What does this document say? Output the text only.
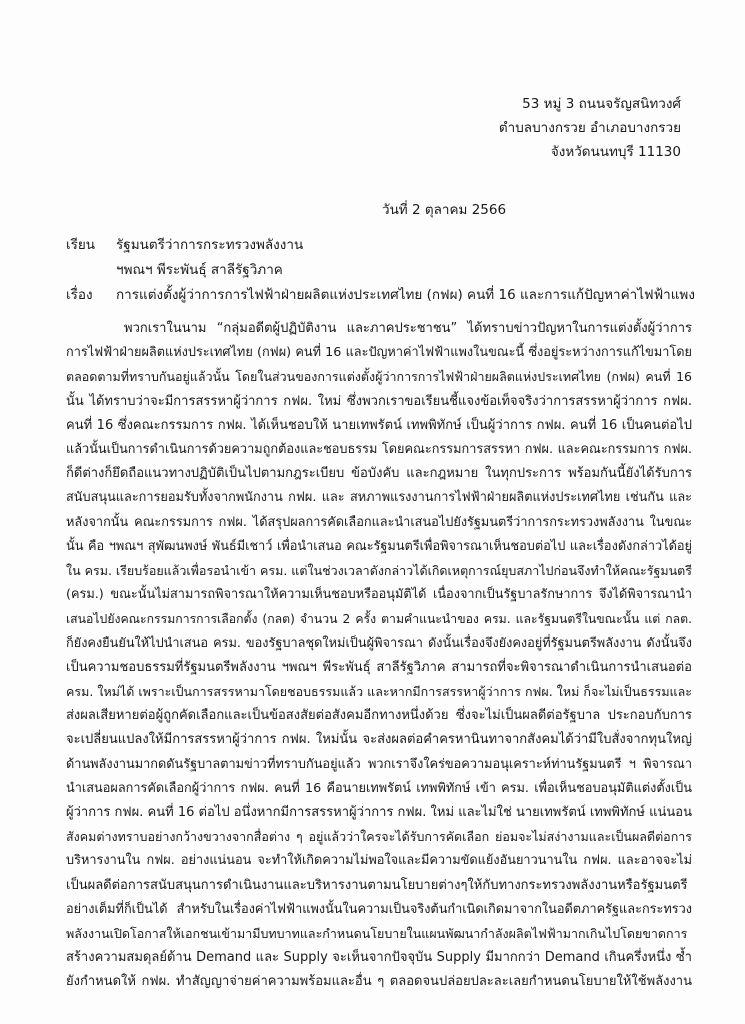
53 หมู่ 3 ถนนจรัญสนิทวงศ์
ตำบลบางกรวย อำเภอบางกรวย
จังหวัดนนทบุรี 11130
วันที่ 2 ตุลาคม 2566
เรียน	รัฐมนตรีว่าการกระทรวงพลังงาน
ฯพณฯ พีระพันธุ์ สาลีรัฐวิภาค
เรื่อง	การแต่งตั้งผู้ว่าการการไฟฟ้าฝ่ายผลิตแห่งประเทศไทย (กฟผ) คนที่ 16 และการแก้ปัญหาค่าไฟฟ้าแพง
พวกเราในนาม “กลุ่มอดีตผู้ปฏิบัติงาน และภาคประชาชน” ได้ทราบข่าวปัญหาในการแต่งตั้งผู้ว่าการ
การไฟฟ้าฝ่ายผลิตแห่งประเทศไทย (กฟผ) คนที่ 16 และปัญหาค่าไฟฟ้าแพงในขณะนี้ ซึ่งอยู่ระหว่างการแก้ไขมาโดย
ตลอดตามที่ทราบกันอยู่แล้วนั้น โดยในส่วนของการแต่งตั้งผู้ว่าการการไฟฟ้าฝ่ายผลิตแห่งประเทศไทย (กฟผ) คนที่ 16
นั้น ได้ทราบว่าจะมีการสรรหาผู้ว่าการ กฟผ. ใหม่ ซึ่งพวกเราขอเรียนชี้แจงข้อเท็จจริงว่าการสรรหาผู้ว่าการ กฟผ.
คนที่ 16 ซึ่งคณะกรรมการ กฟผ. ได้เห็นชอบให้ นายเทพรัตน์ เทพพิทักษ์ เป็นผู้ว่าการ กฟผ. คนที่ 16 เป็นคนต่อไป
แล้วนั้นเป็นการดำเนินการด้วยความถูกต้องและชอบธรรม โดยคณะกรรมการสรรหา กฟผ. และคณะกรรมการ กฟผ.
ก็ดีต่างก็ยึดถือแนวทางปฏิบัติเป็นไปตามกฎระเบียบ ข้อบังคับ และกฎหมาย ในทุกประการ พร้อมกันนี้ยังได้รับการ
สนับสนุนและการยอมรับทั้งจากพนักงาน กฟผ. และ สหภาพแรงงานการไฟฟ้าฝ่ายผลิตแห่งประเทศไทย เช่นกัน และ
หลังจากนั้น คณะกรรมการ กฟผ. ได้สรุปผลการคัดเลือกและนำเสนอไปยังรัฐมนตรีว่าการกระทรวงพลังงาน ในขณะ
นั้น คือ ฯพณฯ สุพัฒนพงษ์ พันธ์มีเชาว์ เพื่อนำเสนอ คณะรัฐมนตรีเพื่อพิจารณาเห็นชอบต่อไป และเรื่องดังกล่าวได้อยู่
ใน ครม. เรียบร้อยแล้วเพื่อรอนำเข้า ครม. แต่ในช่วงเวลาดังกล่าวได้เกิดเหตุการณ์ยุบสภาไปก่อนจึงทำให้คณะรัฐมนตรี
(ครม.) ขณะนั้นไม่สามารถพิจารณาให้ความเห็นชอบหรืออนุมัติได้ เนื่องจากเป็นรัฐบาลรักษาการ จึงได้พิจารณานำ
เสนอไปยังคณะกรรมการการเลือกตั้ง (กลต) จำนวน 2 ครั้ง ตามคำแนะนำของ ครม. และรัฐมนตรีในขณะนั้น แต่ กลต.
ก็ยังคงยืนยันให้ไปนำเสนอ ครม. ของรัฐบาลชุดใหม่เป็นผู้พิจารณา ดังนั้นเรื่องจึงยังคงอยู่ที่รัฐมนตรีพลังงาน ดังนั้นจึง
เป็นความชอบธรรมที่รัฐมนตรีพลังงาน ฯพณฯ พีระพันธุ์ สาลีรัฐวิภาค สามารถที่จะพิจารณาดำเนินการนำเสนอต่อ
ครม. ใหม่ได้ เพราะเป็นการสรรหามาโดยชอบธรรมแล้ว และหากมีการสรรหาผู้ว่าการ กฟผ. ใหม่ ก็จะไม่เป็นธรรมและ
ส่งผลเสียหายต่อผู้ถูกคัดเลือกและเป็นข้อสงสัยต่อสังคมอีกทางหนึ่งด้วย ซึ่งจะไม่เป็นผลดีต่อรัฐบาล ประกอบกับการ
จะเปลี่ยนแปลงให้มีการสรรหาผู้ว่าการ กฟผ. ใหม่นั้น จะส่งผลต่อคำครหานินทาจากสังคมได้ว่ามีใบสั่งจากทุนใหญ่
ด้านพลังงานมากดดันรัฐบาลตามข่าวที่ทราบกันอยู่แล้ว พวกเราจึงใคร่ขอความอนุเคราะห์ท่านรัฐมนตรี ฯ พิจารณา
นำเสนอผลการคัดเลือกผู้ว่าการ กฟผ. คนที่ 16 คือนายเทพรัตน์ เทพพิทักษ์ เข้า ครม. เพื่อเห็นชอบอนุมัติแต่งตั้งเป็น
ผู้ว่าการ กฟผ. คนที่ 16 ต่อไป อนึ่งหากมีการสรรหาผู้ว่าการ กฟผ. ใหม่ และไม่ใช่ นายเทพรัตน์ เทพพิทักษ์ แน่นอน
สังคมต่างทราบอย่างกว้างขวางจากสื่อต่าง ๆ อยู่แล้วว่าใครจะได้รับการคัดเลือก ย่อมจะไม่สง่างามและเป็นผลดีต่อการ
บริหารงานใน กฟผ. อย่างแน่นอน จะทำให้เกิดความไม่พอใจและมีความขัดแย้งอันยาวนานใน กฟผ. และอาจจะไม่
เป็นผลดีต่อการสนับสนุนการดำเนินงานและบริหารงานตามนโยบายต่างๆให้กับทางกระทรวงพลังงานหรือรัฐมนตรี
อย่างเต็มที่ก็เป็นได้ สำหรับในเรื่องค่าไฟฟ้าแพงนั้นในความเป็นจริงต้นกำเนิดเกิดมาจากในอดีตภาครัฐและกระทรวง
พลังงานเปิดโอกาสให้เอกชนเข้ามามีบทบาทและกำหนดนโยบายในแผนพัฒนากำลังผลิตไฟฟ้ามากเกินไปโดยขาดการ
สร้างความสมดุลย์ด้าน Demand และ Supply จะเห็นจากปัจจุบัน Supply มีมากกว่า Demand เกินครึ่งหนึ่ง ซ้ำ
ยังกำหนดให้ กฟผ. ทำสัญญาจ่ายค่าความพร้อมและอื่น ๆ ตลอดจนปล่อยปละละเลยกำหนดนโยบายให้ใช้พลังงาน
